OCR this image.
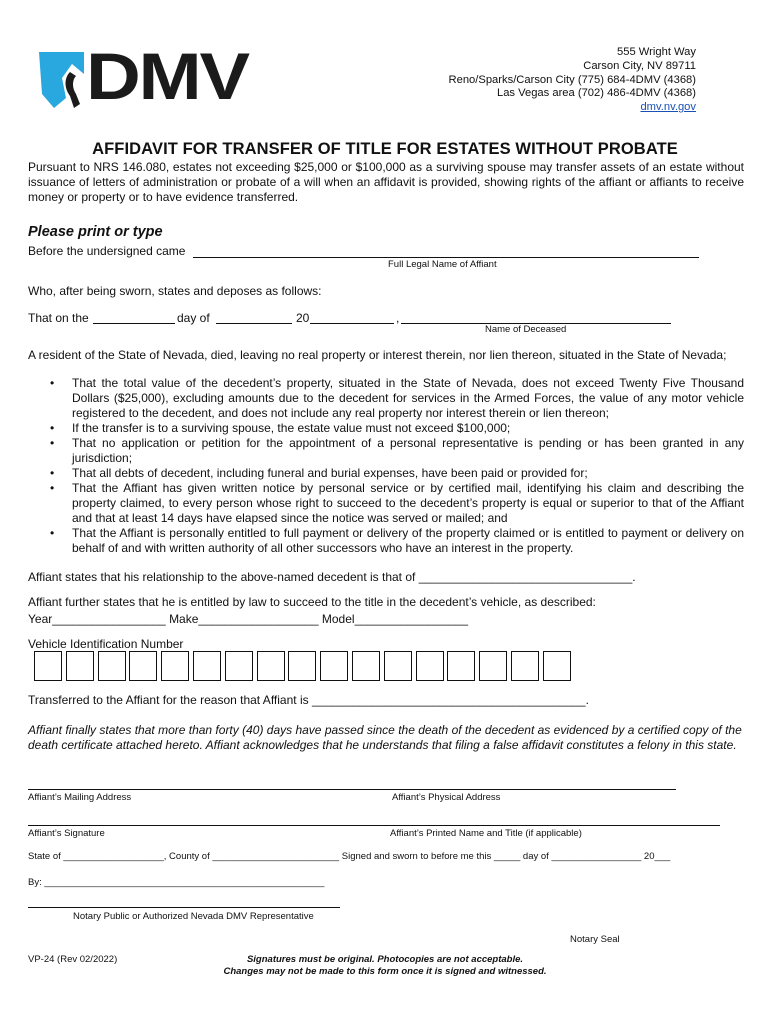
DMV	555 Wright Way
Carson City, NV 89711
Reno/Sparks/Carson City (775) 684-4DMV (4368)
Las Vegas area (702) 486-4DMV (4368)
dmv.nv.gov
AFFIDAVIT FOR TRANSFER OF TITLE FOR ESTATES WITHOUT PROBATE
Pursuant to NRS 146.080, estates not exceeding $25,000 or $100,000 as a surviving spouse may transfer assets of an estate without issuance of letters of administration or probate of a will when an affidavit is provided, showing rights of the affiant or affiants to receive money or property or to have evidence transferred.
Please print or type
Before the undersigned came
Full Legal Name of Affiant
Who, after being sworn, states and deposes as follows:
That on the	day of	20	,
Name of Deceased
A resident of the State of Nevada, died, leaving no real property or interest therein, nor lien thereon, situated in the State of Nevada;
• That the total value of the decedent’s property, situated in the State of Nevada, does not exceed Twenty Five Thousand Dollars ($25,000), excluding amounts due to the decedent for services in the Armed Forces, the value of any motor vehicle registered to the decedent, and does not include any real property nor interest therein or lien thereon;
• If the transfer is to a surviving spouse, the estate value must not exceed $100,000;
• That no application or petition for the appointment of a personal representative is pending or has been granted in any jurisdiction;
• That all debts of decedent, including funeral and burial expenses, have been paid or provided for;
• That the Affiant has given written notice by personal service or by certified mail, identifying his claim and describing the property claimed, to every person whose right to succeed to the decedent’s property is equal or superior to that of the Affiant and that at least 14 days have elapsed since the notice was served or mailed; and
• That the Affiant is personally entitled to full payment or delivery of the property claimed or is entitled to payment or delivery on behalf of and with written authority of all other successors who have an interest in the property.
Affiant states that his relationship to the above-named decedent is that of ________________________________.
Affiant further states that he is entitled by law to succeed to the title in the decedent’s vehicle, as described:
Year_________________ Make__________________ Model_________________
Vehicle Identification Number
Transferred to the Affiant for the reason that Affiant is _________________________________________.
Affiant finally states that more than forty (40) days have passed since the death of the decedent as evidenced by a certified copy of the death certificate attached hereto. Affiant acknowledges that he understands that filing a false affidavit constitutes a felony in this state.
Affiant’s Mailing Address	Affiant’s Physical Address
Affiant’s Signature	Affiant’s Printed Name and Title (if applicable)
State of ___________________, County of ________________________ Signed and sworn to before me this _____ day of _________________ 20___
By: _____________________________________________________
Notary Public or Authorized Nevada DMV Representative
Notary Seal
VP-24 (Rev 02/2022)	Signatures must be original. Photocopies are not acceptable.
Changes may not be made to this form once it is signed and witnessed.
